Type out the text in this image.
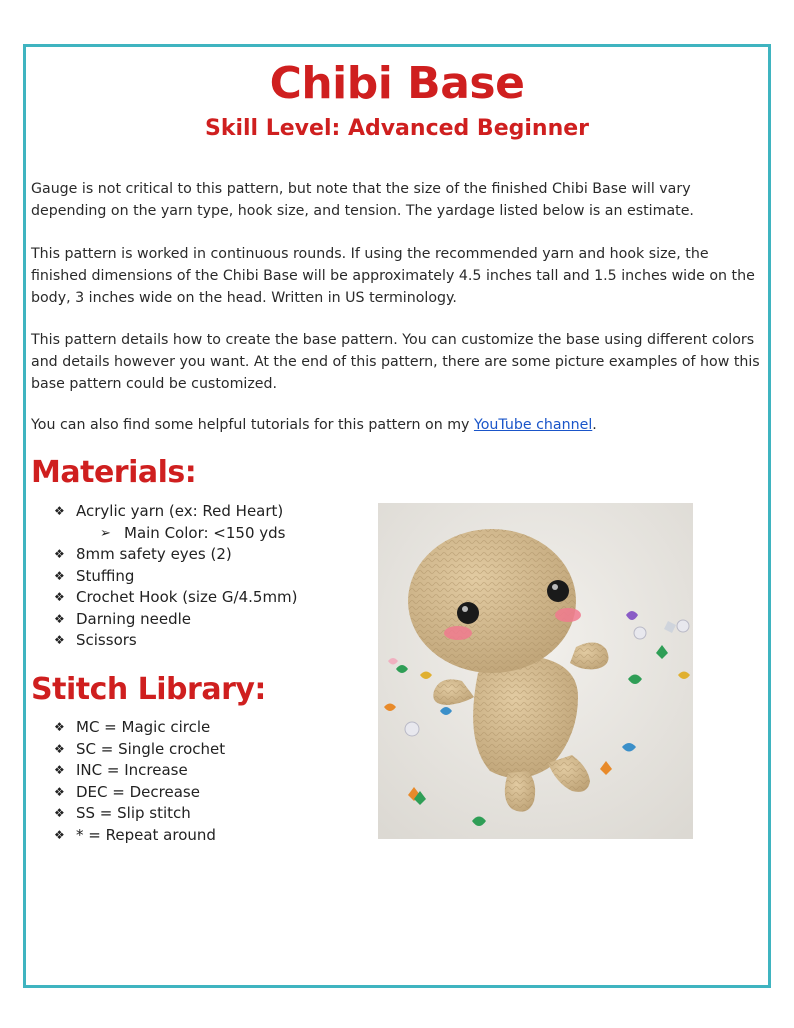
Chibi Base
Skill Level: Advanced Beginner
Gauge is not critical to this pattern, but note that the size of the finished Chibi Base will vary depending on the yarn type, hook size, and tension. The yardage listed below is an estimate.
This pattern is worked in continuous rounds. If using the recommended yarn and hook size, the finished dimensions of the Chibi Base will be approximately 4.5 inches tall and 1.5 inches wide on the body, 3 inches wide on the head. Written in US terminology.
This pattern details how to create the base pattern. You can customize the base using different colors and details however you want. At the end of this pattern, there are some picture examples of how this base pattern could be customized.
You can also find some helpful tutorials for this pattern on my YouTube channel.
Materials:
❖ Acrylic yarn (ex: Red Heart)
➢ Main Color: <150 yds
❖ 8mm safety eyes (2)
❖ Stuffing
❖ Crochet Hook (size G/4.5mm)
❖ Darning needle
❖ Scissors
Stitch Library:
❖ MC = Magic circle
❖ SC = Single crochet
❖ INC = Increase
❖ DEC = Decrease
❖ SS = Slip stitch
❖ * = Repeat around
